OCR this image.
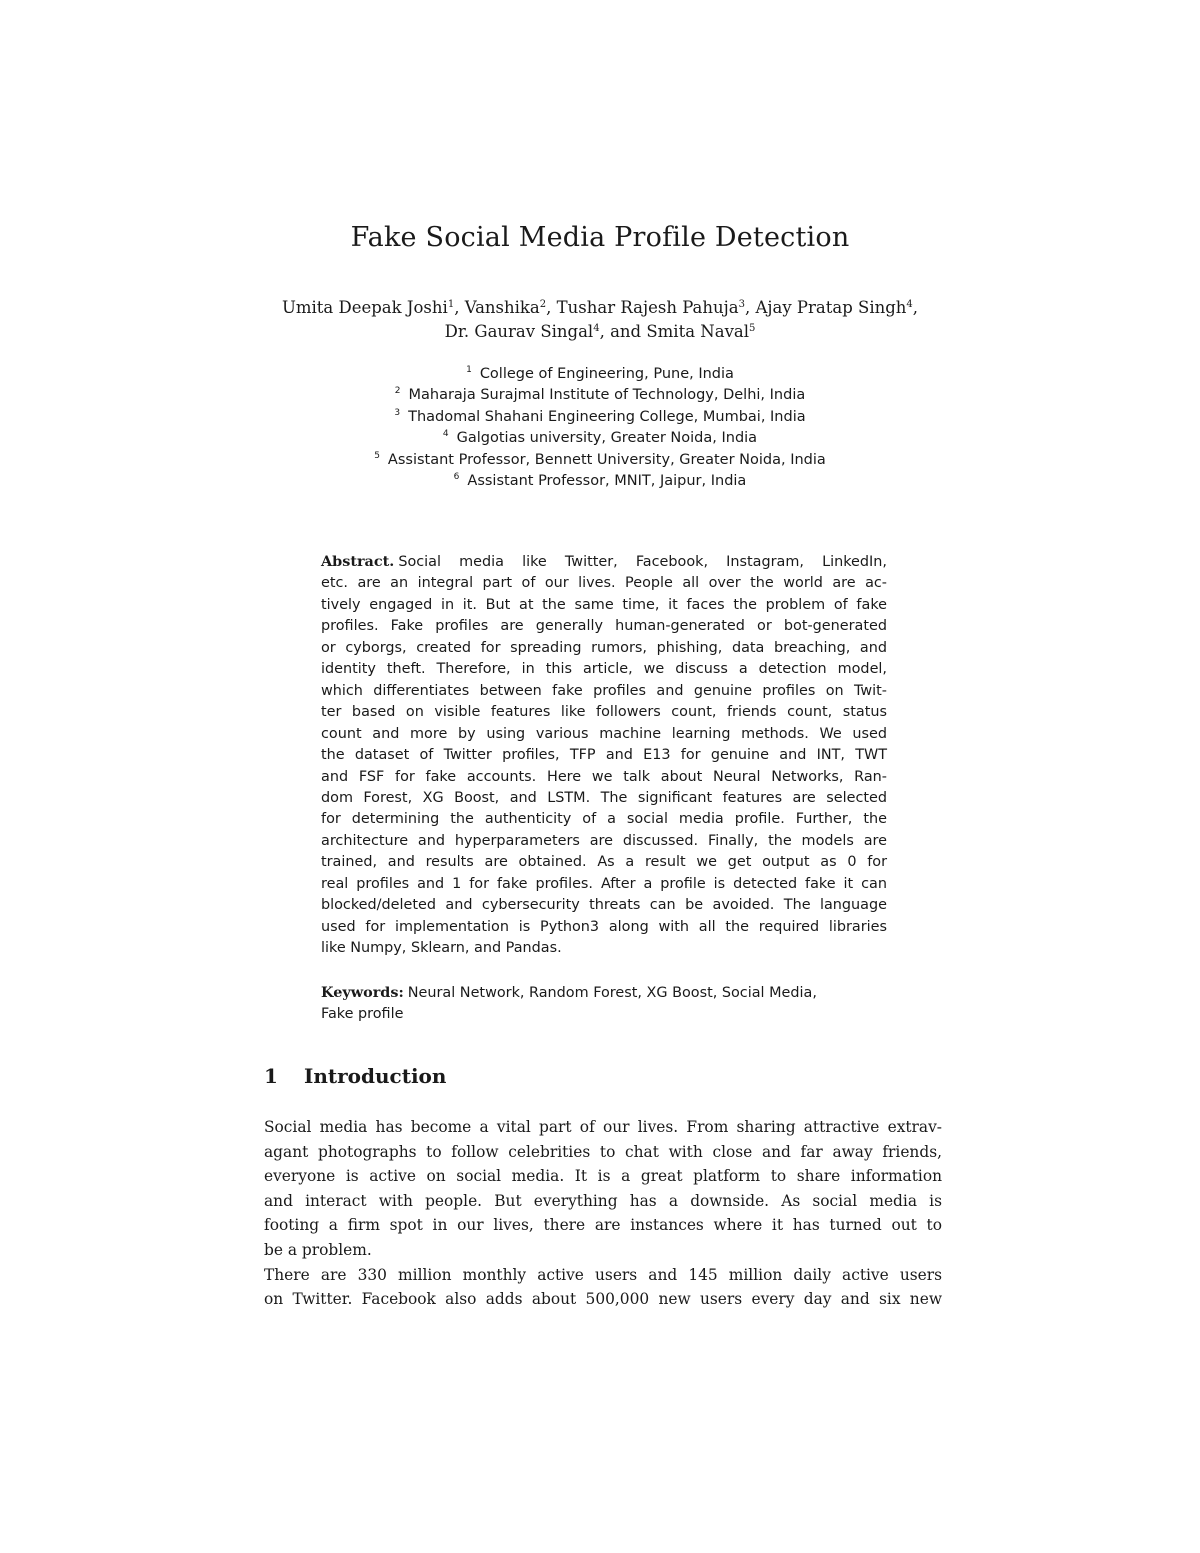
Fake Social Media Profile Detection
Umita Deepak Joshi$^1$, Vanshika$^2$, Tushar Rajesh Pahuja$^3$, Ajay Pratap Singh$^4$,
Dr. Gaurav Singal$^4$, and Smita Naval$^5$
$^1$ College of Engineering, Pune, India
$^2$ Maharaja Surajmal Institute of Technology, Delhi, India
$^3$ Thadomal Shahani Engineering College, Mumbai, India
$^4$ Galgotias university, Greater Noida, India
$^5$ Assistant Professor, Bennett University, Greater Noida, India
$^6$ Assistant Professor, MNIT, Jaipur, India
Abstract. Social media like Twitter, Facebook, Instagram, LinkedIn,
etc. are an integral part of our lives. People all over the world are ac-
tively engaged in it. But at the same time, it faces the problem of fake
profiles. Fake profiles are generally human-generated or bot-generated
or cyborgs, created for spreading rumors, phishing, data breaching, and
identity theft. Therefore, in this article, we discuss a detection model,
which differentiates between fake profiles and genuine profiles on Twit-
ter based on visible features like followers count, friends count, status
count and more by using various machine learning methods. We used
the dataset of Twitter profiles, TFP and E13 for genuine and INT, TWT
and FSF for fake accounts. Here we talk about Neural Networks, Ran-
dom Forest, XG Boost, and LSTM. The significant features are selected
for determining the authenticity of a social media profile. Further, the
architecture and hyperparameters are discussed. Finally, the models are
trained, and results are obtained. As a result we get output as 0 for
real profiles and 1 for fake profiles. After a profile is detected fake it can
blocked/deleted and cybersecurity threats can be avoided. The language
used for implementation is Python3 along with all the required libraries
like Numpy, Sklearn, and Pandas.
Keywords: Neural Network, Random Forest, XG Boost, Social Media,
Fake profile
1 Introduction
Social media has become a vital part of our lives. From sharing attractive extrav-
agant photographs to follow celebrities to chat with close and far away friends,
everyone is active on social media. It is a great platform to share information
and interact with people. But everything has a downside. As social media is
footing a firm spot in our lives, there are instances where it has turned out to
be a problem.
There are 330 million monthly active users and 145 million daily active users
on Twitter. Facebook also adds about 500,000 new users every day and six new
